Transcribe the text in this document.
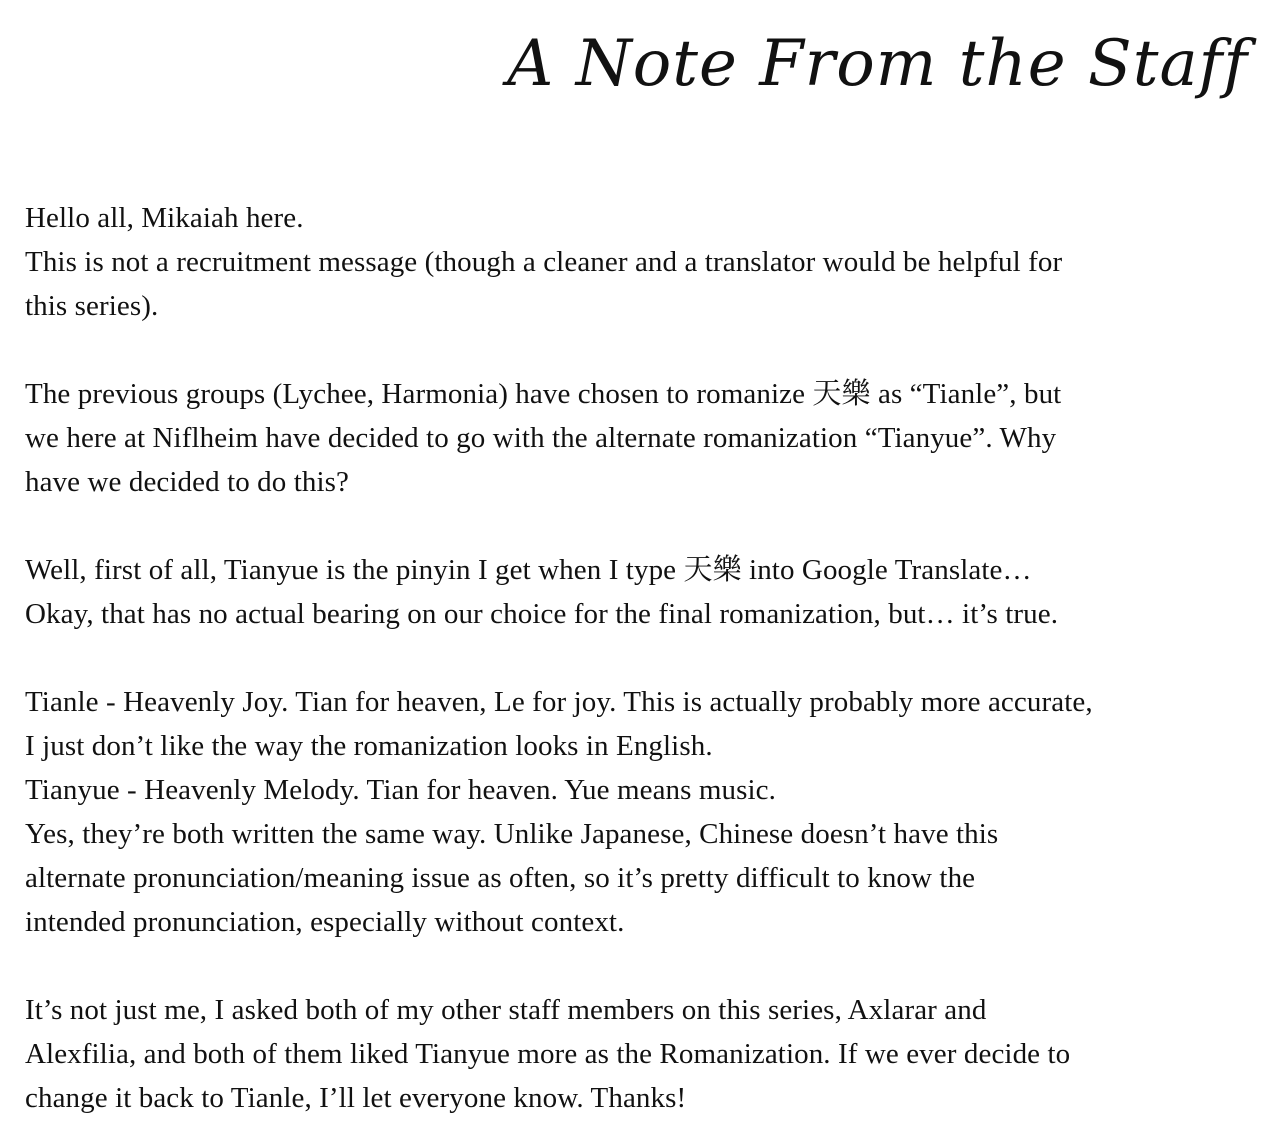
A Note From the Staff
Hello all, Mikaiah here.
This is not a recruitment message (though a cleaner and a translator would be helpful for
this series).
The previous groups (Lychee, Harmonia) have chosen to romanize 天樂 as “Tianle”, but
we here at Niflheim have decided to go with the alternate romanization “Tianyue”. Why
have we decided to do this?
Well, first of all, Tianyue is the pinyin I get when I type 天樂 into Google Translate…
Okay, that has no actual bearing on our choice for the final romanization, but… it’s true.
Tianle - Heavenly Joy. Tian for heaven, Le for joy. This is actually probably more accurate,
I just don’t like the way the romanization looks in English.
Tianyue - Heavenly Melody. Tian for heaven. Yue means music.
Yes, they’re both written the same way. Unlike Japanese, Chinese doesn’t have this
alternate pronunciation/meaning issue as often, so it’s pretty difficult to know the
intended pronunciation, especially without context.
It’s not just me, I asked both of my other staff members on this series, Axlarar and
Alexfilia, and both of them liked Tianyue more as the Romanization. If we ever decide to
change it back to Tianle, I’ll let everyone know. Thanks!
